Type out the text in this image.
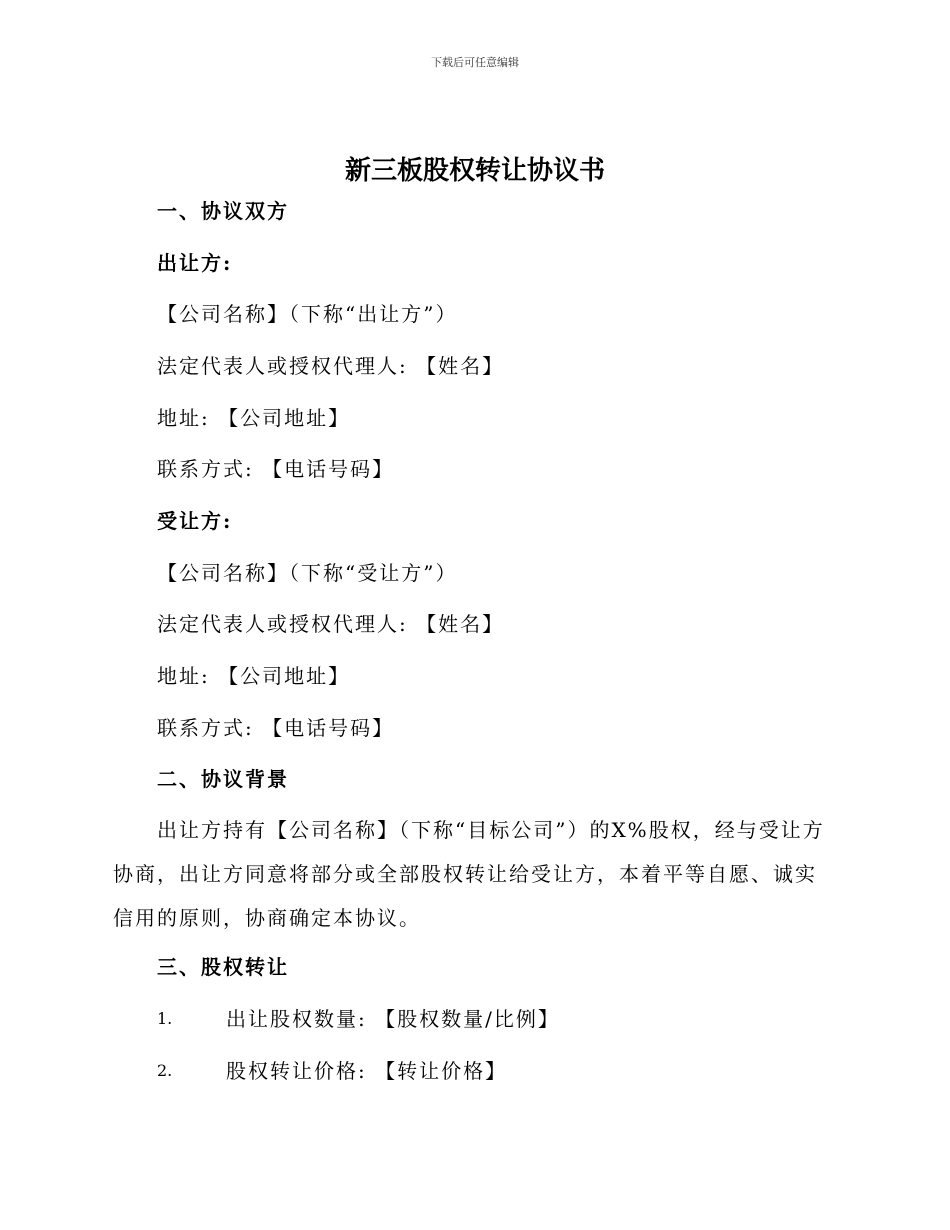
下载后可任意编辑
新三板股权转让协议书
一、协议双方
出让方:
【公司名称】（下称“出让方”）
法定代表人或授权代理人: 【姓名】
地址: 【公司地址】
联系方式: 【电话号码】
受让方:
【公司名称】（下称“受让方”）
法定代表人或授权代理人: 【姓名】
地址: 【公司地址】
联系方式: 【电话号码】
二、协议背景
出让方持有【公司名称】（下称“目标公司”）的X%股权，经与受让方协商，出让方同意将部分或全部股权转让给受让方，本着平等自愿、诚实信用的原则，协商确定本协议。
三、股权转让
1.	出让股权数量: 【股权数量/比例】
2.	股权转让价格: 【转让价格】
